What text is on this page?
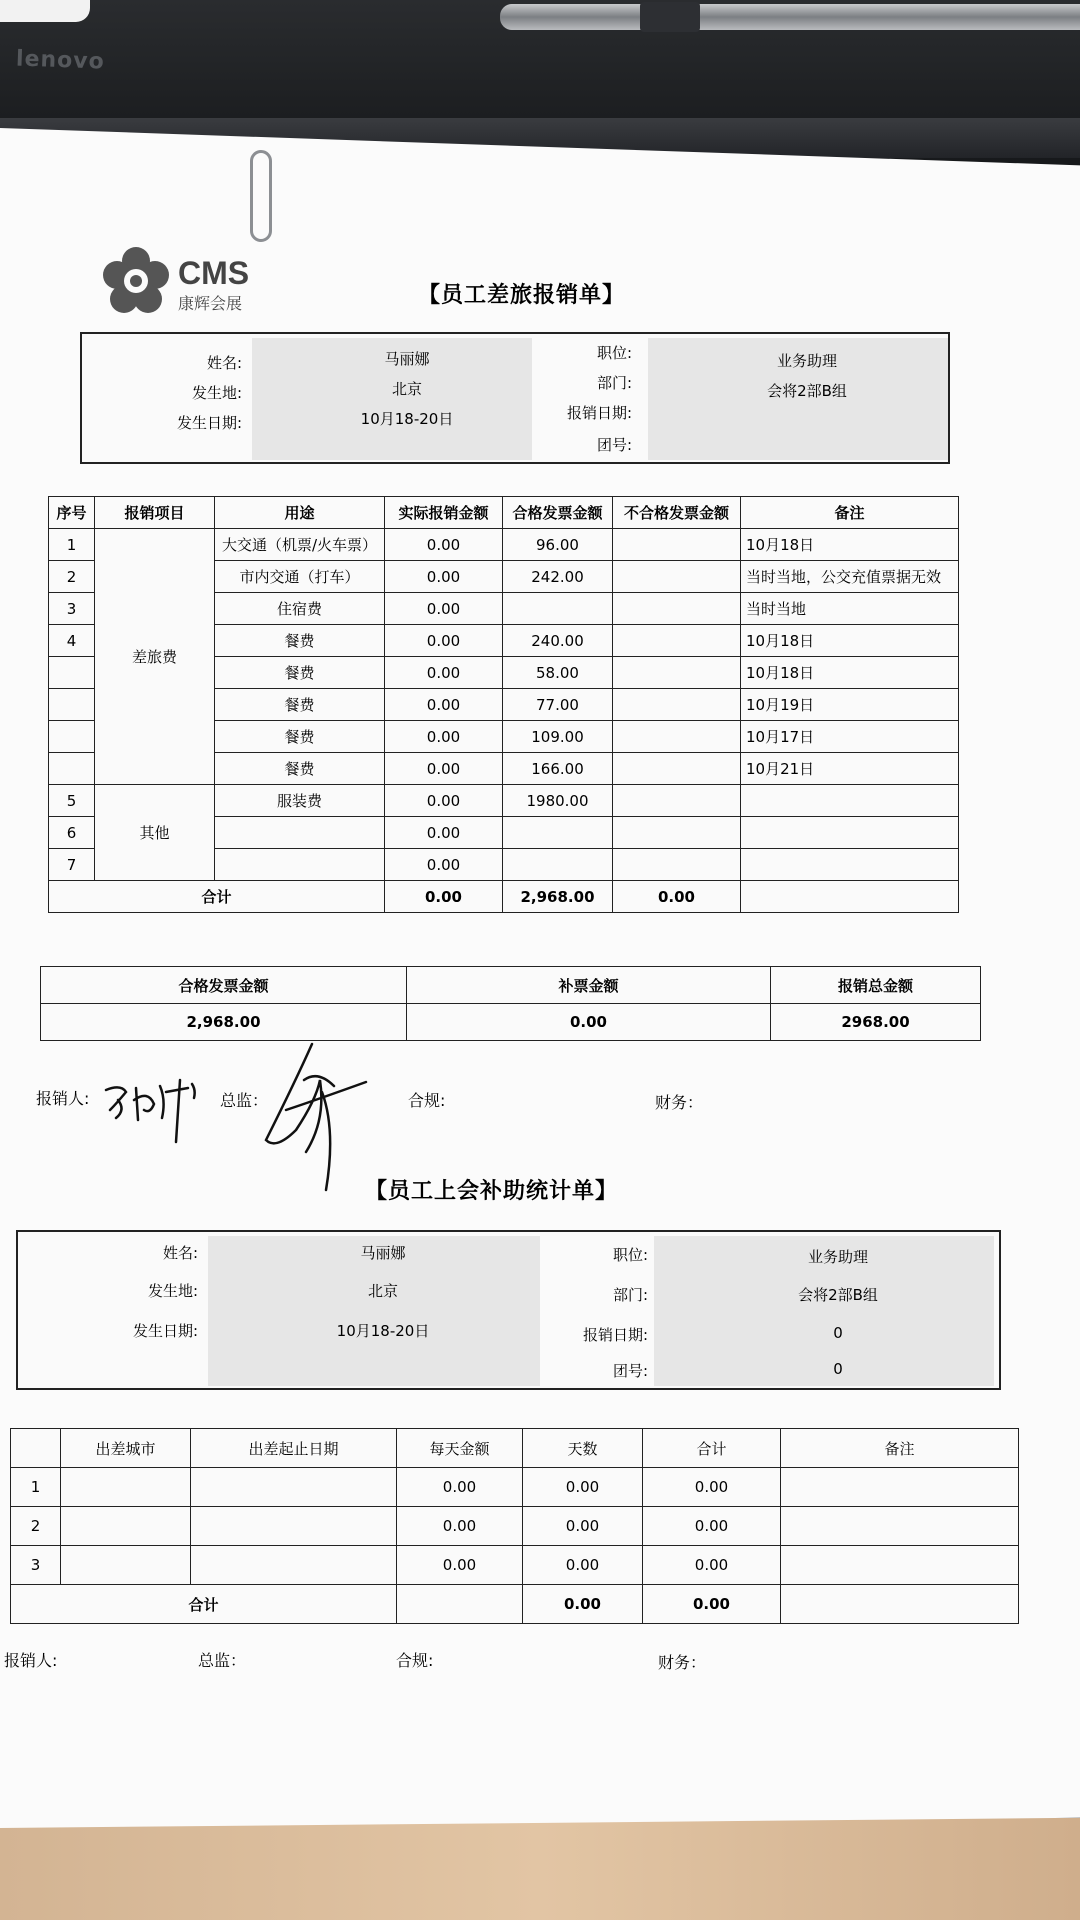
lenovo
CMS
康辉会展	【员工差旅报销单】
姓名:	马丽娜
发生地:	北京
发生日期:	10月18-20日
职位:	业务助理
部门:	会将2部B组
报销日期:
团号:
序号	报销项目	用途	实际报销金额	合格发票金额	不合格发票金额	备注
1	差旅费	大交通（机票/火车票）	0.00	96.00		10月18日
2		市内交通（打车）	0.00	242.00		当时当地，公交充值票据无效
3		住宿费	0.00			当时当地
4		餐费	0.00	240.00		10月18日
		餐费	0.00	58.00		10月18日
		餐费	0.00	77.00		10月19日
		餐费	0.00	109.00		10月17日
		餐费	0.00	166.00		10月21日
5	其他	服装费	0.00	1980.00		
6			0.00			
7			0.00			
合计			0.00	2,968.00	0.00	
合格发票金额	补票金额	报销总金额
2,968.00	0.00	2968.00
报销人:	总监：	合规:	财务：
【员工上会补助统计单】
姓名:	马丽娜
发生地:	北京
发生日期:	10月18-20日
职位:	业务助理
部门:	会将2部B组
报销日期:	0
团号:	0
	出差城市	出差起止日期	每天金额	天数	合计	备注
1			0.00	0.00	0.00	
2			0.00	0.00	0.00	
3			0.00	0.00	0.00	
合计				0.00	0.00	
报销人:	总监：	合规:	财务：
